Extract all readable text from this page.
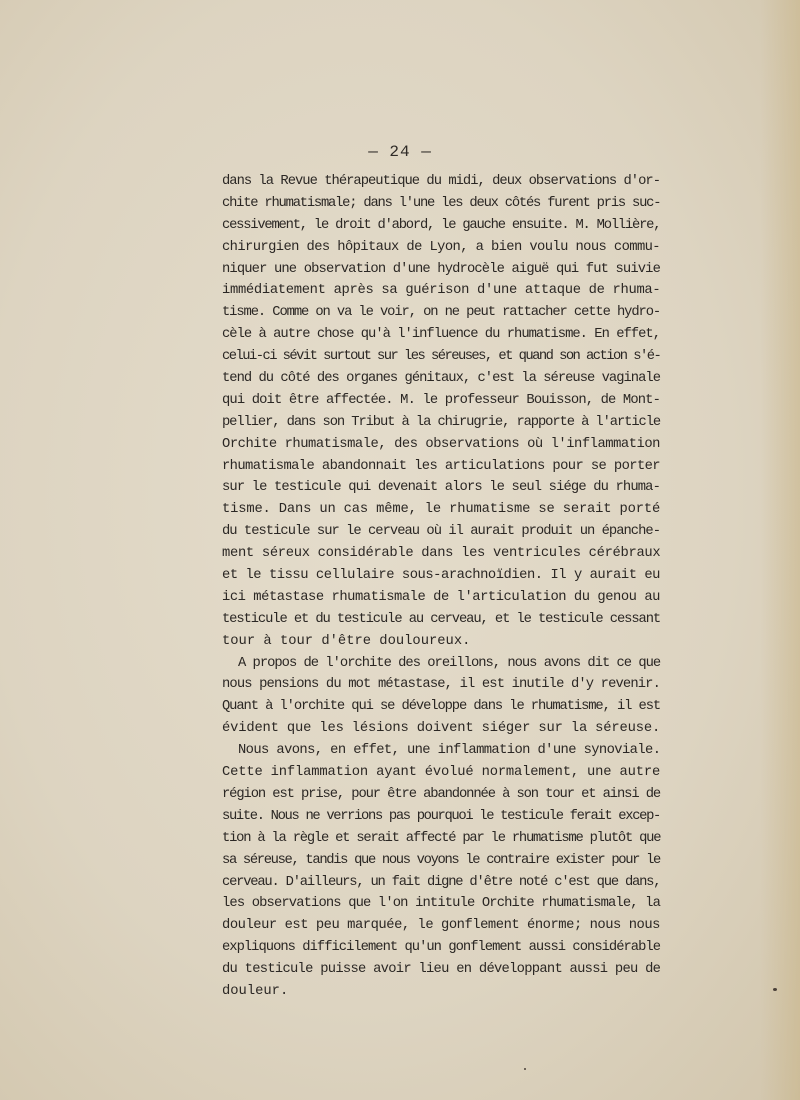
— 24 —
dans la Revue thérapeutique du midi, deux observations d'or-
chite rhumatismale; dans l'une les deux côtés furent pris suc-
cessivement, le droit d'abord, le gauche ensuite. M. Mollière,
chirurgien des hôpitaux de Lyon, a bien voulu nous commu-
niquer une observation d'une hydrocèle aiguë qui fut suivie
immédiatement après sa guérison d'une attaque de rhuma-
tisme. Comme on va le voir, on ne peut rattacher cette hydro-
cèle à autre chose qu'à l'influence du rhumatisme. En effet,
celui-ci sévit surtout sur les séreuses, et quand son action s'é-
tend du côté des organes génitaux, c'est la séreuse vaginale
qui doit être affectée. M. le professeur Bouisson, de Mont-
pellier, dans son Tribut à la chirugrie, rapporte à l'article
Orchite rhumatismale, des observations où l'inflammation
rhumatismale abandonnait les articulations pour se porter
sur le testicule qui devenait alors le seul siége du rhuma-
tisme. Dans un cas même, le rhumatisme se serait porté
du testicule sur le cerveau où il aurait produit un épanche-
ment séreux considérable dans les ventricules cérébraux
et le tissu cellulaire sous-arachnoïdien. Il y aurait eu
ici métastase rhumatismale de l'articulation du genou au
testicule et du testicule au cerveau, et le testicule cessant
tour à tour d'être douloureux.
A propos de l'orchite des oreillons, nous avons dit ce que
nous pensions du mot métastase, il est inutile d'y revenir.
Quant à l'orchite qui se développe dans le rhumatisme, il est
évident que les lésions doivent siéger sur la séreuse.
Nous avons, en effet, une inflammation d'une synoviale.
Cette inflammation ayant évolué normalement, une autre
région est prise, pour être abandonnée à son tour et ainsi de
suite. Nous ne verrions pas pourquoi le testicule ferait excep-
tion à la règle et serait affecté par le rhumatisme plutôt que
sa séreuse, tandis que nous voyons le contraire exister pour le
cerveau. D'ailleurs, un fait digne d'être noté c'est que dans,
les observations que l'on intitule Orchite rhumatismale, la
douleur est peu marquée, le gonflement énorme; nous nous
expliquons difficilement qu'un gonflement aussi considérable
du testicule puisse avoir lieu en développant aussi peu de
douleur.
